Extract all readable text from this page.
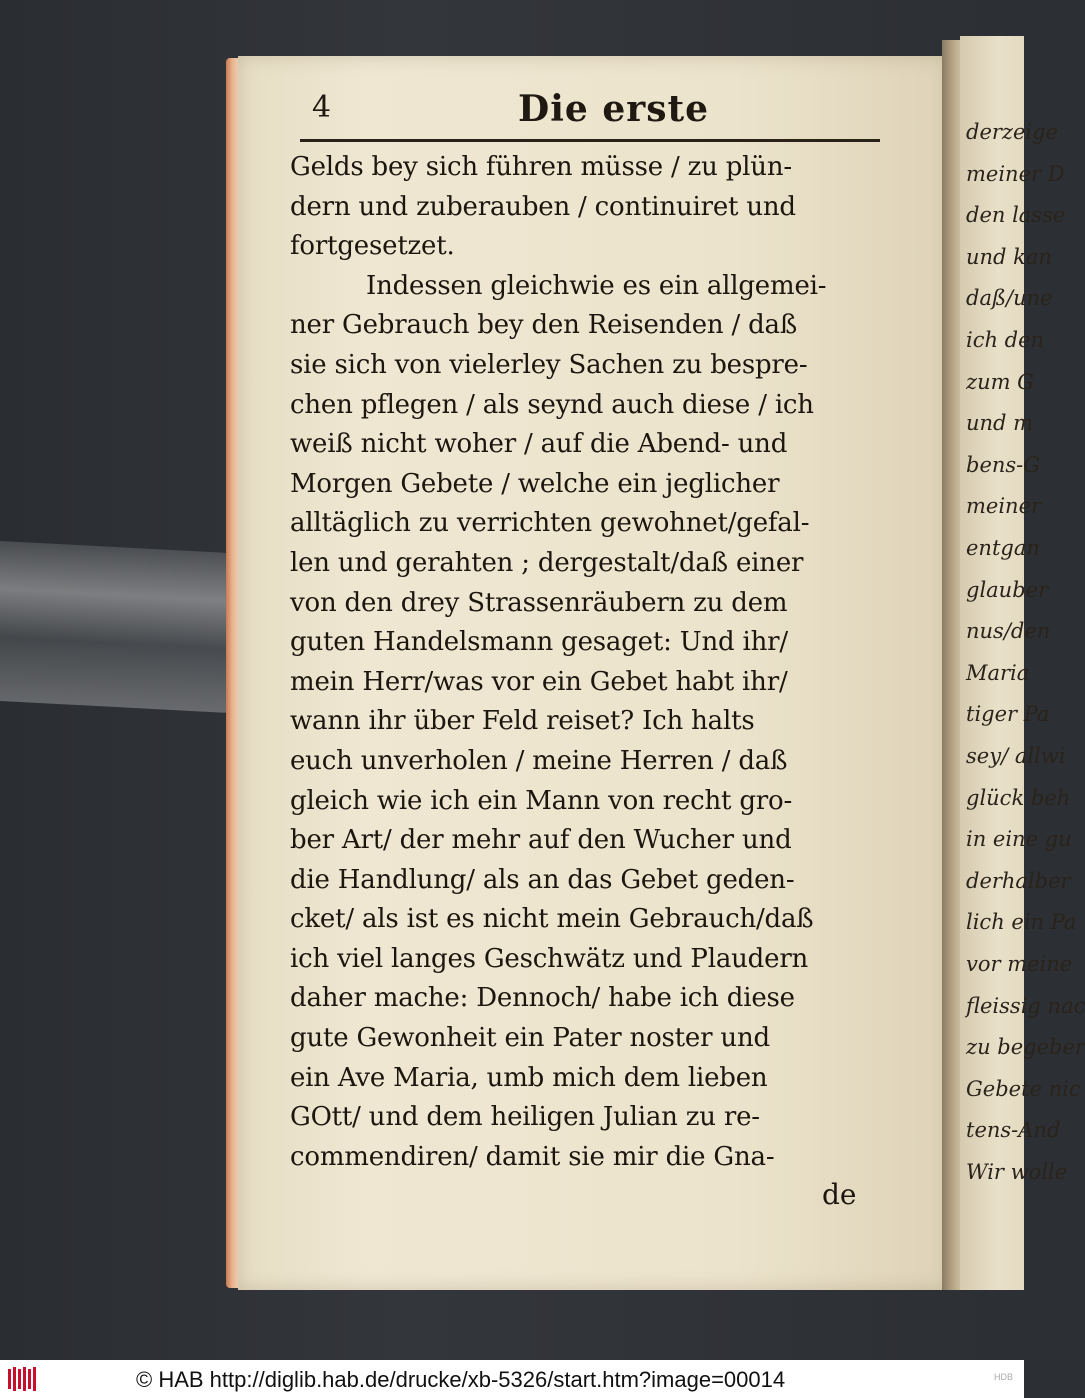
derzeige
meiner D
den lasse
und kan
daß/une
ich den
zum G
und m
bens-G
meiner
entgan
glauber
nus/den
Maria
tiger Pa
sey/ allwi
glück beh
in eine gu
derhalber
lich ein Pa
vor meine
fleissig nac
zu begeber
Gebete nic
tens-And
Wir wolle
4	Die erste
Gelds bey sich führen müsse / zu plün-
dern und zuberauben / continuiret und
fortgesetzet.
Indessen gleichwie es ein allgemei-
ner Gebrauch bey den Reisenden / daß
sie sich von vielerley Sachen zu bespre-
chen pflegen / als seynd auch diese / ich
weiß nicht woher / auf die Abend- und
Morgen Gebete / welche ein jeglicher
alltäglich zu verrichten gewohnet/gefal-
len und gerahten ; dergestalt/daß einer
von den drey Strassenräubern zu dem
guten Handelsmann gesaget: Und ihr/
mein Herr/was vor ein Gebet habt ihr/
wann ihr über Feld reiset? Ich halts
euch unverholen / meine Herren / daß
gleich wie ich ein Mann von recht gro-
ber Art/ der mehr auf den Wucher und
die Handlung/ als an das Gebet geden-
cket/ als ist es nicht mein Gebrauch/daß
ich viel langes Geschwätz und Plaudern
daher mache: Dennoch/ habe ich diese
gute Gewonheit ein Pater noster und
ein Ave Maria, umb mich dem lieben
GOtt/ und dem heiligen Julian zu re-
commendiren/ damit sie mir die Gna-
de
© HAB http://diglib.hab.de/drucke/xb-5326/start.htm?image=00014	HDB
